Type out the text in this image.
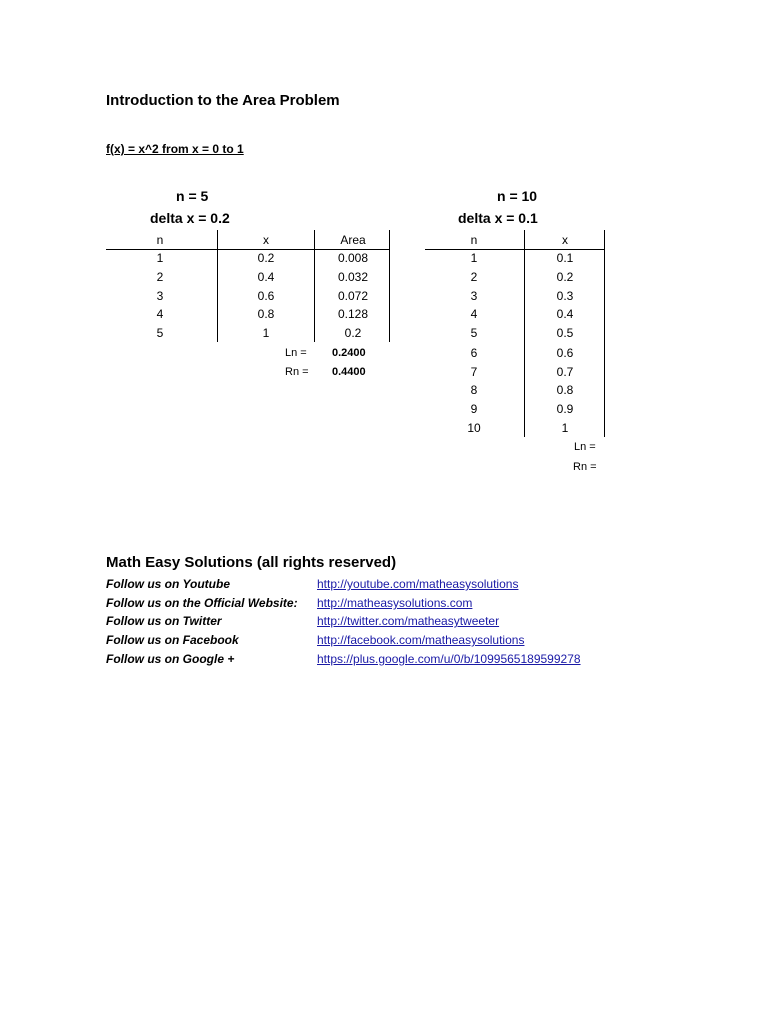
Introduction to the Area Problem
f(x) = x^2 from x = 0 to 1
n = 5
delta x = 0.2
n	x	Area
1	0.2	0.008
2	0.4	0.032
3	0.6	0.072
4	0.8	0.128
5	1	0.2
Ln = 0.2400
Rn = 0.4400
n = 10
delta x = 0.1
n	x
1	0.1
2	0.2
3	0.3
4	0.4
5	0.5
6	0.6
7	0.7
8	0.8
9	0.9
10	1
Ln =
Rn =
Math Easy Solutions (all rights reserved)
Follow us on Youtube	http://youtube.com/matheasysolutions
Follow us on the Official Website: http://matheasysolutions.com
Follow us on Twitter	http://twitter.com/matheasytweeter
Follow us on Facebook	http://facebook.com/matheasysolutions
Follow us on Google +	https://plus.google.com/u/0/b/1099565189599278
